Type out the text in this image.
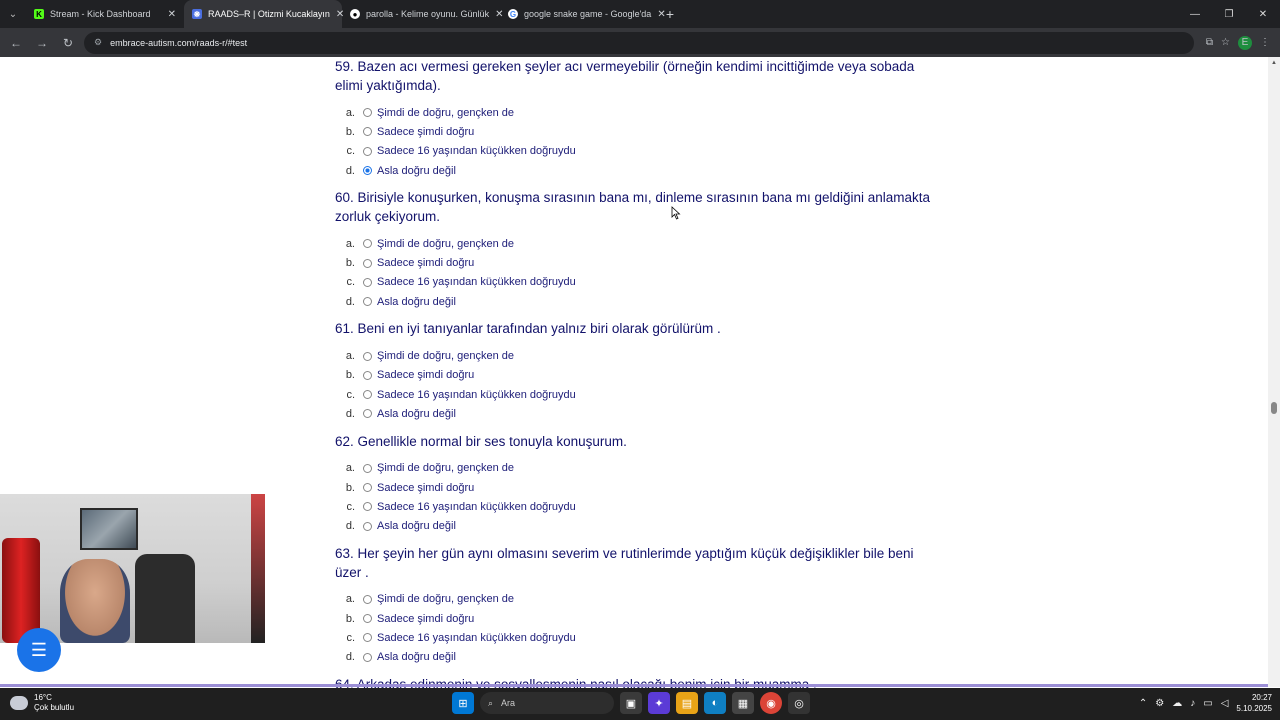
⌄	K Stream - Kick Dashboard	✕ ❋ RAADS–R | Otizmi Kucaklayın ✕	● parolla - Kelime oyunu. Günlük ✕ G google snake game - Google'da ✕ +	—	❐	✕
←	→	↻	⚙ embrace-autism.com/raads-r/#test	⧉ ☆	E	⋮
59. Bazen acı vermesi gereken şeyler acı vermeyebilir (örneğin kendimi incittiğimde veya sobada elimi yaktığımda).
a.	Şimdi de doğru, gençken de
b.	Sadece şimdi doğru
c.	Sadece 16 yaşından küçükken doğruydu
d.	Asla doğru değil
60. Birisiyle konuşurken, konuşma sırasının bana mı, dinleme sırasının bana mı geldiğini anlamakta zorluk çekiyorum.
a.	Şimdi de doğru, gençken de
b.	Sadece şimdi doğru
c.	Sadece 16 yaşından küçükken doğruydu
d.	Asla doğru değil
61. Beni en iyi tanıyanlar tarafından yalnız biri olarak görülürüm .
a.	Şimdi de doğru, gençken de
b.	Sadece şimdi doğru
c.	Sadece 16 yaşından küçükken doğruydu
d.	Asla doğru değil
62. Genellikle normal bir ses tonuyla konuşurum.
a.	Şimdi de doğru, gençken de
b.	Sadece şimdi doğru
c.	Sadece 16 yaşından küçükken doğruydu
d.	Asla doğru değil
63. Her şeyin her gün aynı olmasını severim ve rutinlerimde yaptığım küçük değişiklikler bile beni üzer .
a.	Şimdi de doğru, gençken de
b.	Sadece şimdi doğru
c.	Sadece 16 yaşından küçükken doğruydu
d.	Asla doğru değil
▲
☰
16°C
Çok bulutlu	⊞	⌕ Ara	▣	✦	▤	◐	▦	◉	◎	⌃ ⚙ ☁ ♪ ▭ ◁	20:27
5.10.2025
